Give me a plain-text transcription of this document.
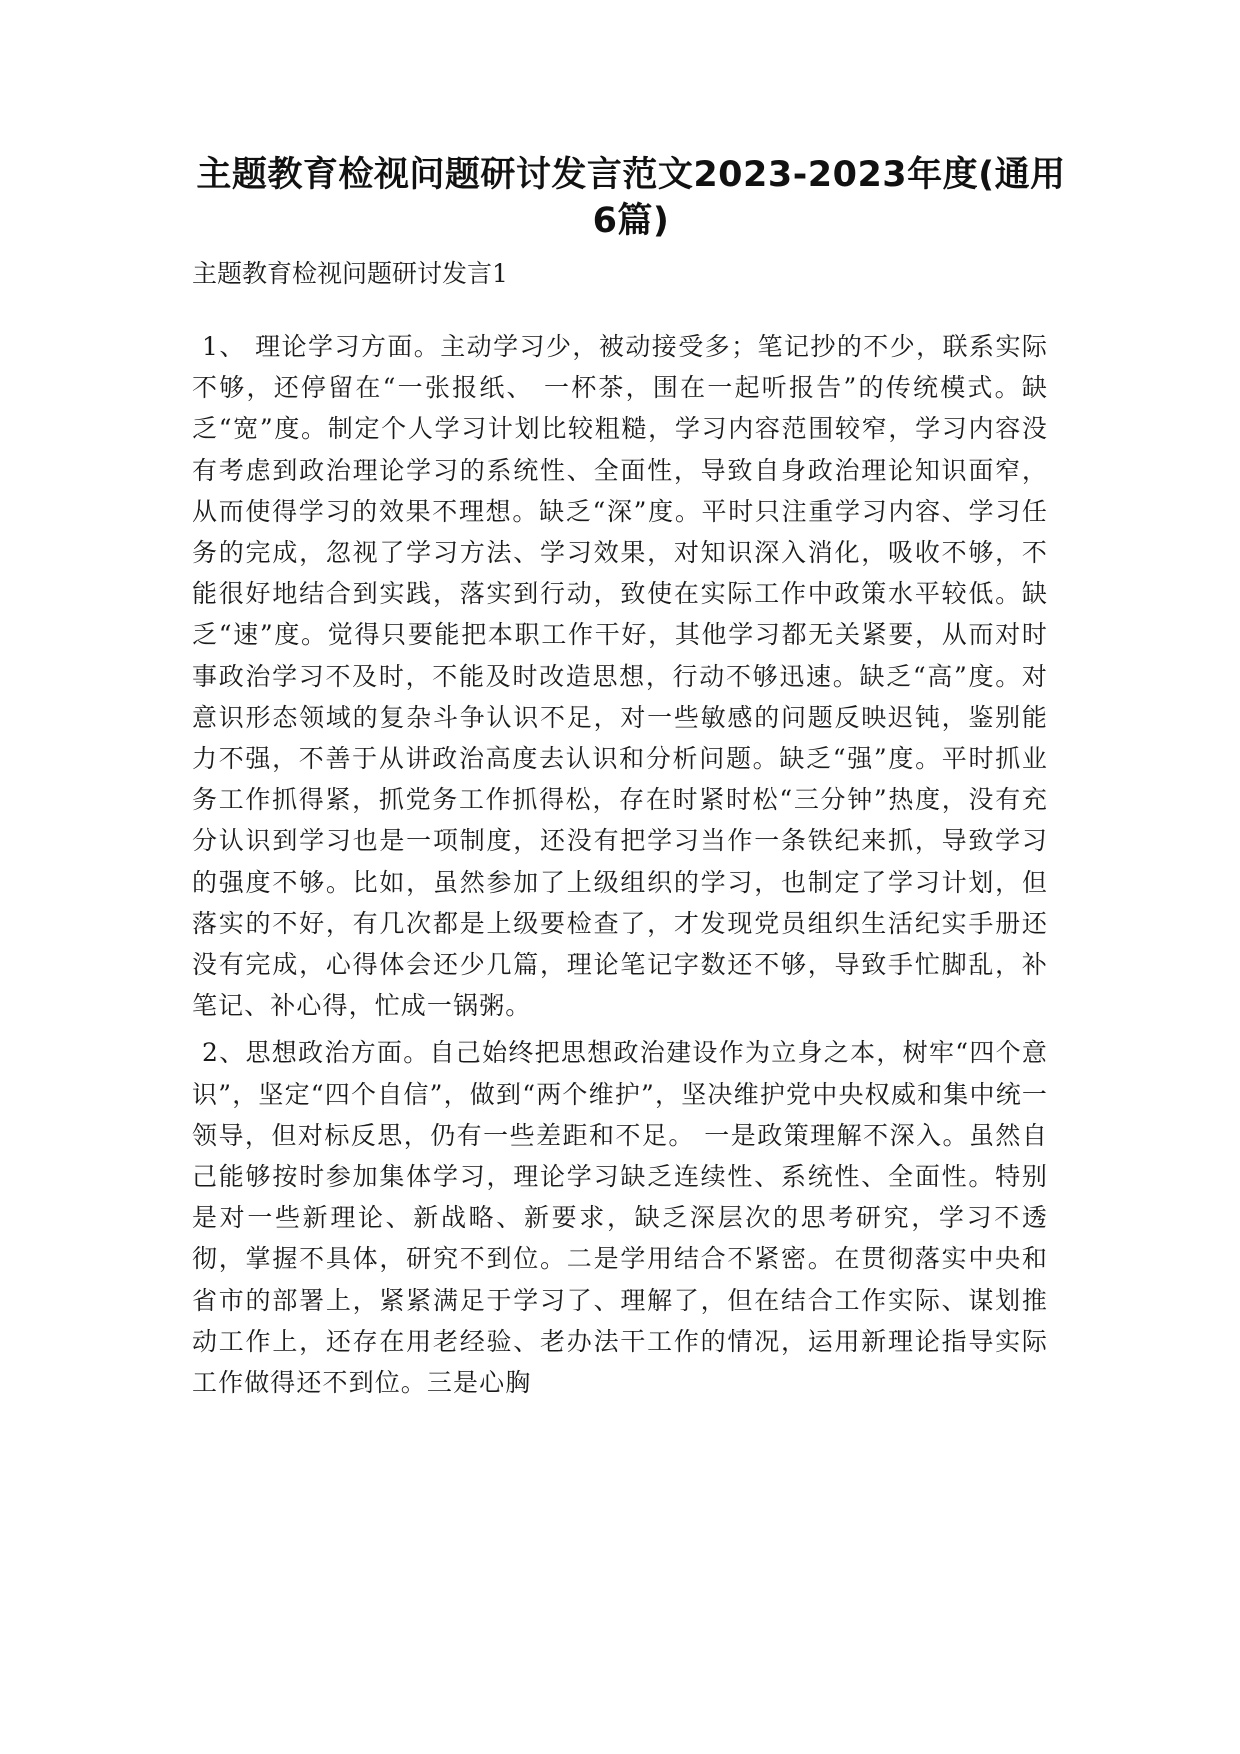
主题教育检视问题研讨发言范文2023-2023年度(通用 6篇)
主题教育检视问题研讨发言1

1、 理论学习方面。主动学习少，被动接受多；笔记抄的不少，联系实际不够，还停留在“一张报纸、 一杯茶，围在一起听报告”的传统模式。缺乏“宽”度。制定个人学习计划比较粗糙，学习内容范围较窄，学习内容没有考虑到政治理论学习的系统性、全面性，导致自身政治理论知识面窄，从而使得学习的效果不理想。缺乏“深”度。平时只注重学习内容、学习任务的完成，忽视了学习方法、学习效果，对知识深入消化，吸收不够，不能很好地结合到实践，落实到行动，致使在实际工作中政策水平较低。缺乏“速”度。觉得只要能把本职工作干好，其他学习都无关紧要，从而对时事政治学习不及时，不能及时改造思想，行动不够迅速。缺乏“高”度。对意识形态领域的复杂斗争认识不足，对一些敏感的问题反映迟钝，鉴别能力不强，不善于从讲政治高度去认识和分析问题。缺乏“强”度。平时抓业务工作抓得紧，抓党务工作抓得松，存在时紧时松“三分钟”热度，没有充分认识到学习也是一项制度，还没有把学习当作一条铁纪来抓，导致学习的强度不够。比如，虽然参加了上级组织的学习，也制定了学习计划，但落实的不好，有几次都是上级要检查了，才发现党员组织生活纪实手册还没有完成，心得体会还少几篇，理论笔记字数还不够，导致手忙脚乱，补笔记、补心得，忙成一锅粥。

2、思想政治方面。自己始终把思想政治建设作为立身之本，树牢“四个意识”，坚定“四个自信”，做到“两个维护”，坚决维护党中央权威和集中统一领导，但对标反思，仍有一些差距和不足。 一是政策理解不深入。虽然自己能够按时参加集体学习，理论学习缺乏连续性、系统性、全面性。特别是对一些新理论、新战略、新要求，缺乏深层次的思考研究，学习不透彻，掌握不具体，研究不到位。二是学用结合不紧密。在贯彻落实中央和省市的部署上，紧紧满足于学习了、理解了，但在结合工作实际、谋划推动工作上，还存在用老经验、老办法干工作的情况，运用新理论指导实际工作做得还不到位。三是心胸
